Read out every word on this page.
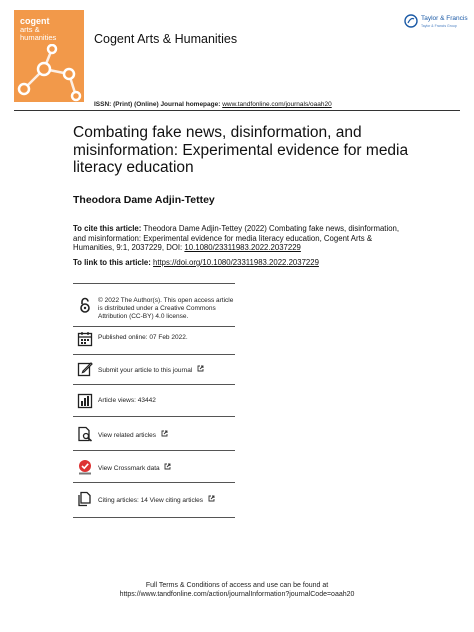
cogent
arts &
humanities	Cogent Arts & Humanities
Taylor & Francis
Taylor & Francis Group
ISSN: (Print) (Online) Journal homepage: www.tandfonline.com/journals/oaah20
Combating fake news, disinformation, and misinformation: Experimental evidence for media literacy education
Theodora Dame Adjin-Tettey
To cite this article: Theodora Dame Adjin-Tettey (2022) Combating fake news, disinformation, and misinformation: Experimental evidence for media literacy education, Cogent Arts & Humanities, 9:1, 2037229, DOI: 10.1080/23311983.2022.2037229
To link to this article: https://doi.org/10.1080/23311983.2022.2037229
© 2022 The Author(s). This open access article is distributed under a Creative Commons Attribution (CC-BY) 4.0 license.
Published online: 07 Feb 2022.
Submit your article to this journal
Article views: 43442
View related articles
View Crossmark data
Citing articles: 14 View citing articles
Full Terms & Conditions of access and use can be found at
https://www.tandfonline.com/action/journalInformation?journalCode=oaah20
